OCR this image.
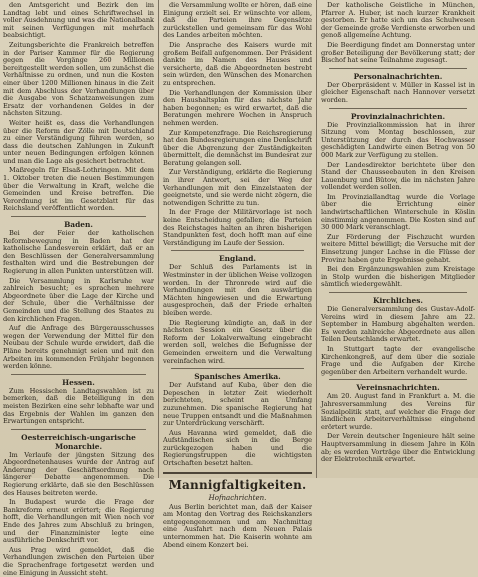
den Amtsgericht und Bezirk den im Landtag lebt und eines Schriftwechsel in voller Ausdehnung und was die Nationalbank mit seinen Verfügungen mit mehrfach beabsichtigt.

Zeitungsberichte die Frankreich betreffen in der Pariser Kammer für die Regierung gegen die Vorgänge 260 Millionen bereitgestellt werden sollen, um zunächst die Verhältnisse zu ordnen, und nun die Kosten einer über 1200 Millionen hinaus in die Zeit mit dem Abschluss der Verhandlungen über die Ausgabe von Schatzanweisungen zum Ersatz der vorhandenen Geldes in der nächsten Sitzung.

Weiter heißt es, dass die Verhandlungen über die Reform der Zölle mit Deutschland zu einer Verständigung führen werden, so dass die deutschen Zahlungen in Zukunft unter neuen Bedingungen erfolgen können und man die Lage als gesichert betrachtet.

Maßregeln für Elsaß-Lothringen. Mit dem 1. Oktober treten die neuen Bestimmungen über die Verwaltung in Kraft, welche die Gemeinden und Kreise betreffen. Die Verordnung ist im Gesetzblatt für das Reichsland veröffentlicht worden.

Baden.

Bei der Feier der katholischen Reformbewegung in Baden hat der katholische Landesverein erklärt, daß er an den Beschlüssen der Generalversammlung festhalten wird und die Bestrebungen der Regierung in allen Punkten unterstützen will.

Die Versammlung in Karlsruhe war zahlreich besucht; es sprachen mehrere Abgeordnete über die Lage der Kirche und der Schule, über die Verhältnisse der Gemeinden und die Stellung des Staates zu den kirchlichen Fragen.

Auf die Anfrage des Bürgerausschusses wegen der Verwendung der Mittel für den Neubau der Schule wurde erwidert, daß die Pläne bereits genehmigt seien und mit den Arbeiten im kommenden Frühjahr begonnen werden könne.

Hessen.

Zum Hessischen Landtagswahlen ist zu bemerken, daß die Beteiligung in den meisten Bezirken eine sehr lebhafte war und das Ergebnis der Wahlen im ganzen den Erwartungen entspricht.

Oesterreichisch-ungarische Monarchie.

Im Verlaufe der jüngsten Sitzung des Abgeordnetenhauses wurde der Antrag auf Änderung der Geschäftsordnung nach längerer Debatte angenommen. Die Regierung erklärte, daß sie den Beschlüssen des Hauses beitreten werde.

In Budapest wurde die Frage der Bankreform erneut erörtert; die Regierung hofft, die Verhandlungen mit Wien noch vor Ende des Jahres zum Abschluß zu bringen, und der Finanzminister legte eine ausführliche Denkschrift vor.

Aus Prag wird gemeldet, daß die Verhandlungen zwischen den Parteien über die Sprachenfrage fortgesetzt werden und eine Einigung in Aussicht steht.

die Versammlung wollte er hören, daß eine Einigung erzielt sei. Er wünschte vor allem, daß die Parteien ihre Gegensätze zurückstellen und gemeinsam für das Wohl des Landes arbeiten möchten.

Die Ansprache des Kaisers wurde mit großem Beifall aufgenommen. Der Präsident dankte im Namen des Hauses und versicherte, daß die Abgeordneten bestrebt sein würden, den Wünschen des Monarchen zu entsprechen.

Die Verhandlungen der Kommission über den Haushaltsplan für das nächste Jahr haben begonnen; es wird erwartet, daß die Beratungen mehrere Wochen in Anspruch nehmen werden.

Zur Kompetenzfrage. Die Reichsregierung hat den Bundesregierungen eine Denkschrift über die Abgrenzung der Zuständigkeiten übermittelt, die demnächst im Bundesrat zur Beratung gelangen soll.

Zur Verständigung, erklärte die Regierung in ihrer Antwort, sei der Weg der Verhandlungen mit den Einzelstaaten der geeignetste, und sie werde nicht zögern, die notwendigen Schritte zu tun.

In der Frage der Militärvorlage ist noch keine Entscheidung gefallen; die Parteien des Reichstages halten an ihren bisherigen Standpunkten fest, doch hofft man auf eine Verständigung im Laufe der Session.

England.

Der Schluß des Parlaments ist in Westminster in der üblichen Weise vollzogen worden. In der Thronrede wird auf die Verhandlungen mit den auswärtigen Mächten hingewiesen und die Erwartung ausgesprochen, daß der Friede erhalten bleiben werde.

Die Regierung kündigte an, daß in der nächsten Session ein Gesetz über die Reform der Lokalverwaltung eingebracht werden soll, welches die Befugnisse der Gemeinden erweitern und die Verwaltung vereinfachen wird.

Spanisches Amerika.

Der Aufstand auf Kuba, über den die Depeschen in letzter Zeit wiederholt berichteten, scheint an Umfang zuzunehmen. Die spanische Regierung hat neue Truppen entsandt und die Maßnahmen zur Unterdrückung verschärft.

Aus Havanna wird gemeldet, daß die Aufständischen sich in die Berge zurückgezogen haben und die Regierungstruppen die wichtigsten Ortschaften besetzt halten.

Mannigfaltigkeiten.
Hofnachrichten.

Aus Berlin berichtet man, daß der Kaiser am Montag den Vortrag des Reichskanzlers entgegengenommen und am Nachmittag eine Ausfahrt nach dem Neuen Palais unternommen hat. Die Kaiserin wohnte am Abend einem Konzert bei.

Der katholische Geistliche in München, Pfarrer A. Huber, ist nach kurzer Krankheit gestorben. Er hatte sich um das Schulwesen der Gemeinde große Verdienste erworben und genoß allgemeine Achtung.

Die Beerdigung findet am Donnerstag unter großer Beteiligung der Bevölkerung statt; der Bischof hat seine Teilnahme zugesagt.

Personalnachrichten.

Der Oberpräsident v. Müller in Kassel ist in gleicher Eigenschaft nach Hannover versetzt worden.

Provinzialnachrichten.

Die Provinzialkommission hat in ihrer Sitzung vom Montag beschlossen, zur Unterstützung der durch das Hochwasser geschädigten Landwirte einen Betrag von 50 000 Mark zur Verfügung zu stellen.

Der Landesdirektor berichtete über den Stand der Chausseebauten in den Kreisen Lauenburg und Bütow, die im nächsten Jahre vollendet werden sollen.

Im Provinziallandtag wurde die Vorlage über die Errichtung einer landwirtschaftlichen Winterschule in Köslin einstimmig angenommen. Die Kosten sind auf 30 000 Mark veranschlagt.

Zur Förderung der Fischzucht wurden weitere Mittel bewilligt; die Versuche mit der Einsetzung junger Lachse in die Flüsse der Provinz haben gute Ergebnisse gehabt.

Bei den Ergänzungswahlen zum Kreistage in Stolp wurden die bisherigen Mitglieder sämtlich wiedergewählt.

Kirchliches.

Die Generalversammlung des Gustav-Adolf-Vereins wird in diesem Jahre am 22. September in Hamburg abgehalten werden. Es werden zahlreiche Abgeordnete aus allen Teilen Deutschlands erwartet.

In Stuttgart tagte der evangelische Kirchenkongreß, auf dem über die soziale Frage und die Aufgaben der Kirche gegenüber den Arbeitern verhandelt wurde.

Vereinsnachrichten.

Am 20. August fand in Frankfurt a. M. die Jahresversammlung des Vereins für Sozialpolitik statt, auf welcher die Frage der ländlichen Arbeiterverhältnisse eingehend erörtert wurde.

Der Verein deutscher Ingenieure hält seine Hauptversammlung in diesem Jahre in Köln ab; es werden Vorträge über die Entwicklung der Elektrotechnik erwartet.
